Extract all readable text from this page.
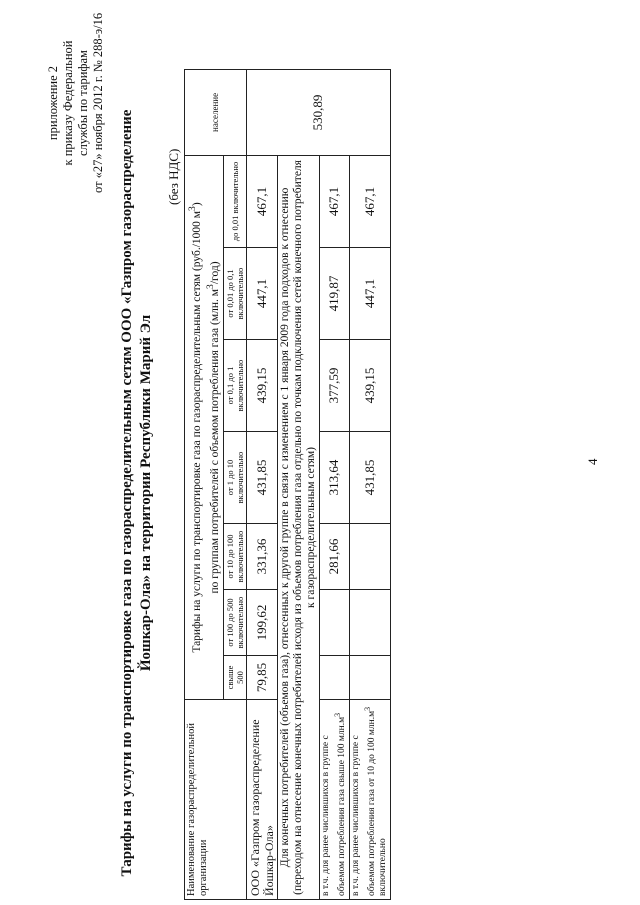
приложение 2 к приказу Федеральной службы по тарифам от «27» ноября 2012 г. № 288-э/16
Тарифы на услуги по транспортировке газа по газораспределительным сетям ООО «Газпром газораспределение Йошкар-Ола» на территории Республики Марий Эл
(без НДС)
Наименование газораспределительной организации	Тарифы на услуги по транспортировке газа по газораспределительным сетям (руб./1000 $м^3$)
по группам потребителей с объемом потребления газа (млн. $м^3/год$)							население
	свыше 500	от 100 до 500 включительно	от 10 до 100 включительно	от 1 до 10 включительно	от 0,1 до 1 включительно	от 0,01 до 0,1 включительно	до 0,01 включительно	
ООО «Газпром газораспределение Йошкар-Ола»	79,85	199,62	331,36	431,85	439,15	447,1	467,1	530,89
Для конечных потребителей (объемов газа), отнесенных к другой группе в связи с изменением с 1 января 2009 года подходов к отнесению (переходом на отнесение конечных потребителей исходя из объемов потребления газа отдельно по точкам подключения сетей конечного потребителя к газораспределительным сетям)								
в т.ч. для ранее числившихся в группе с объемом потребления газа свыше 100 $млн.м^3$			281,66	313,64	377,59	419,87	467,1	
в т.ч. для ранее числившихся в группе с объемом потребления газа от 10 до 100 $млн.м^3$ включительно				431,85	439,15	447,1	467,1	
4
